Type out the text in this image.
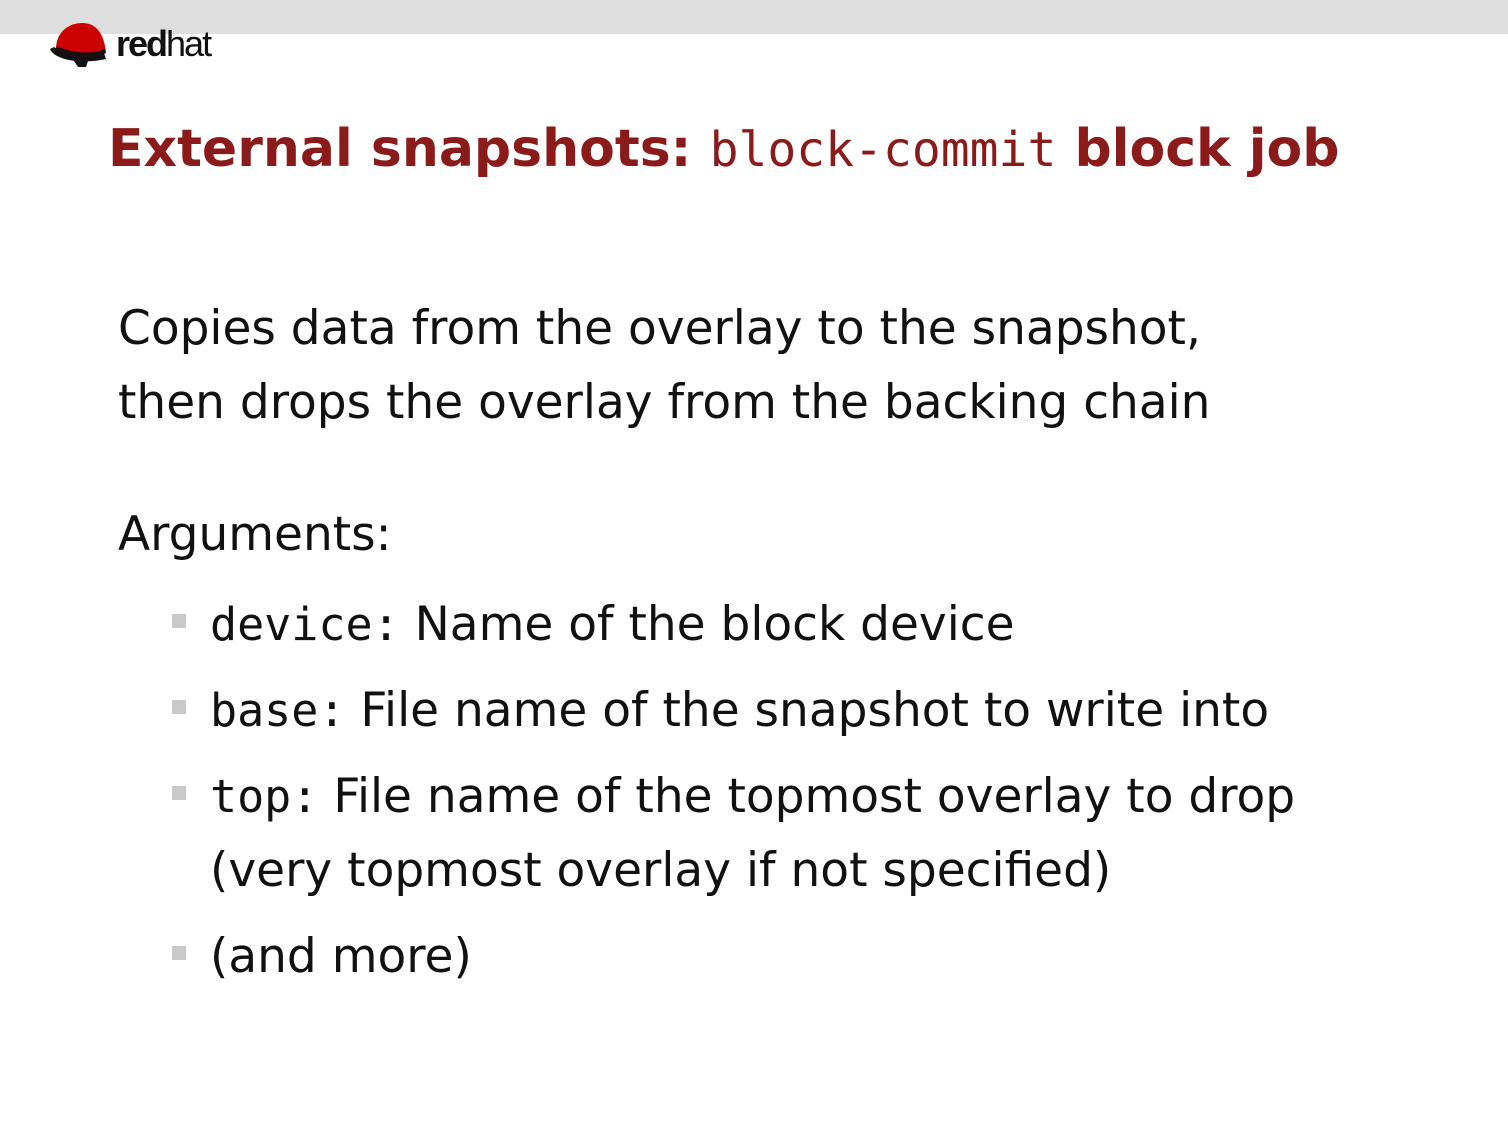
redhat
External snapshots: block-commit block job

Copies data from the overlay to the snapshot,
then drops the overlay from the backing chain

Arguments:

device: Name of the block device
base: File name of the snapshot to write into
top: File name of the topmost overlay to drop
(very topmost overlay if not specified)
(and more)
